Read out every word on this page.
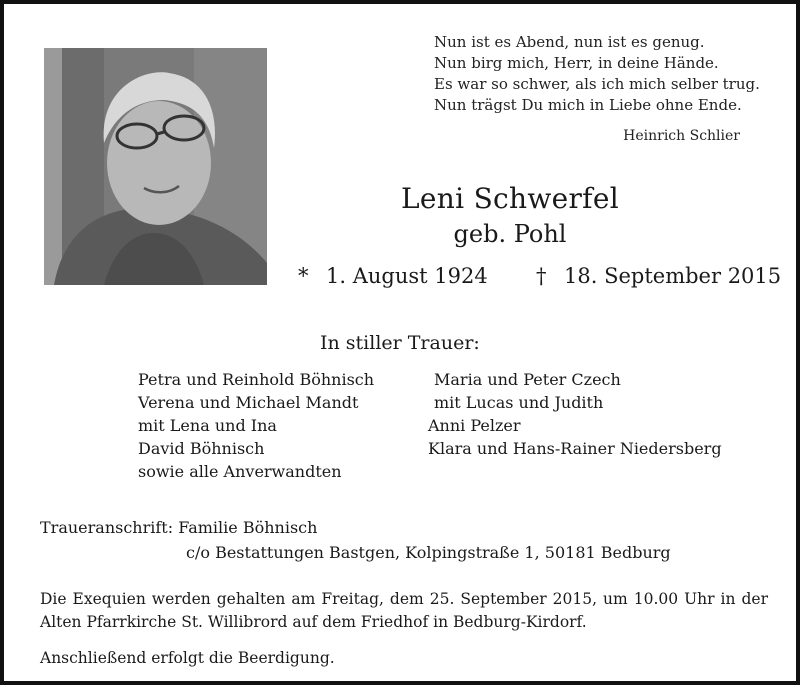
Nun ist es Abend, nun ist es genug.
Nun birg mich, Herr, in deine Hände.
Es war so schwer, als ich mich selber trug.
Nun trägst Du mich in Liebe ohne Ende.
Heinrich Schlier
Leni Schwerfel
geb. Pohl
* 1. August 1924 † 18. September 2015
In stiller Trauer:
Petra und Reinhold Böhnisch
Verena und Michael Mandt
mit Lena und Ina
David Böhnisch
sowie alle Anverwandten
Maria und Peter Czech
mit Lucas und Judith
Anni Pelzer
Klara und Hans-Rainer Niedersberg
Traueranschrift: Familie Böhnisch
c/o Bestattungen Bastgen, Kolpingstraße 1, 50181 Bedburg
Die Exequien werden gehalten am Freitag, dem 25. September 2015, um 10.00 Uhr in der Alten Pfarrkirche St. Willibrord auf dem Friedhof in Bedburg-Kirdorf.
Anschließend erfolgt die Beerdigung.
